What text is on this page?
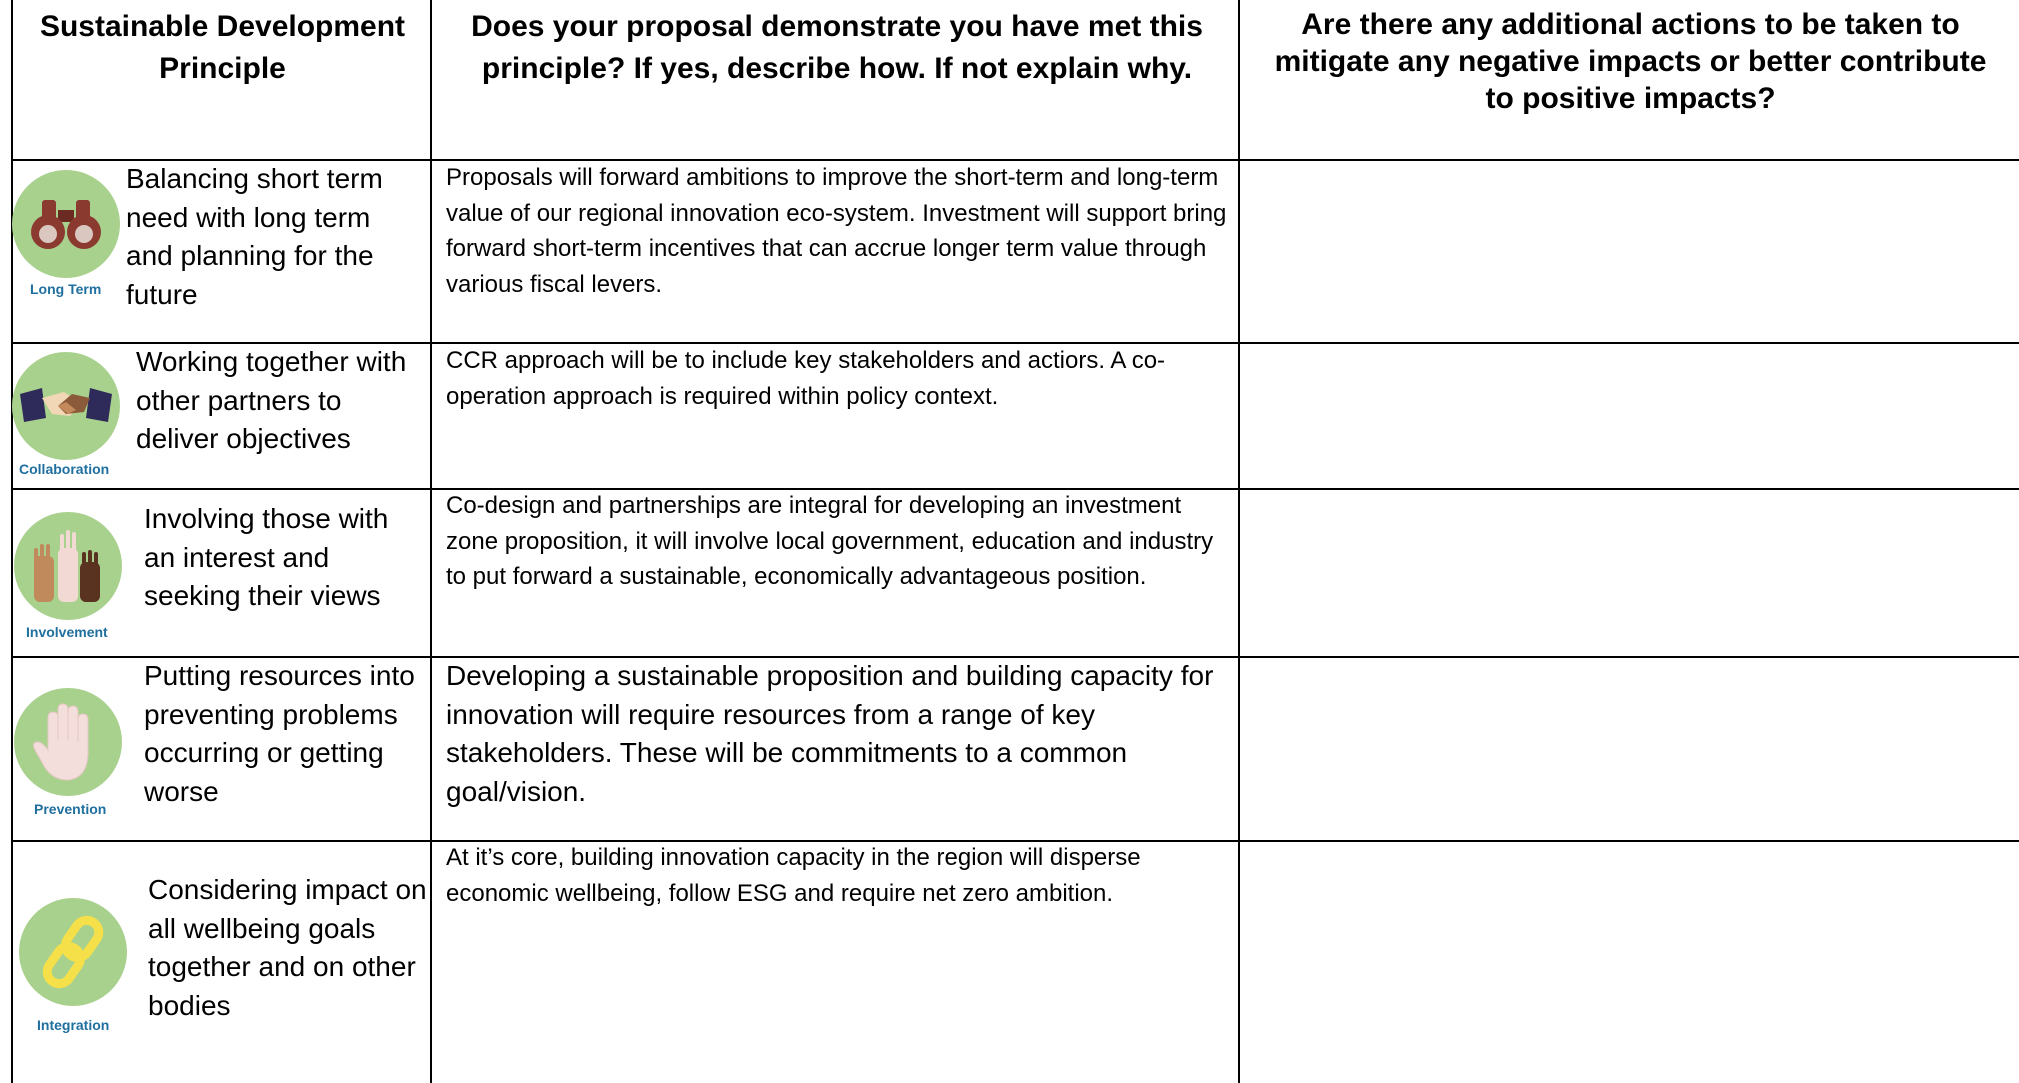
Sustainable Development Principle
Does your proposal demonstrate you have met this principle? If yes, describe how. If not explain why.
Are there any additional actions to be taken to mitigate any negative impacts or better contribute to positive impacts?
Long Term
Balancing short term need with long term and planning for the future
Proposals will forward ambitions to improve the short-term and long-term value of our regional innovation eco-system. Investment will support bring forward short-term incentives that can accrue longer term value through various fiscal levers.
Collaboration
Working together with other partners to deliver objectives
CCR approach will be to include key stakeholders and actiors. A co-operation approach is required within policy context.
Involvement
Involving those with an interest and seeking their views
Co-design and partnerships are integral for developing an investment zone proposition, it will involve local government, education and industry to put forward a sustainable, economically advantageous position.
Prevention
Putting resources into preventing problems occurring or getting worse
Developing a sustainable proposition and building capacity for innovation will require resources from a range of key stakeholders. These will be commitments to a common goal/vision.
Integration
Considering impact on all wellbeing goals together and on other bodies
At it’s core, building innovation capacity in the region will disperse economic wellbeing, follow ESG and require net zero ambition.
